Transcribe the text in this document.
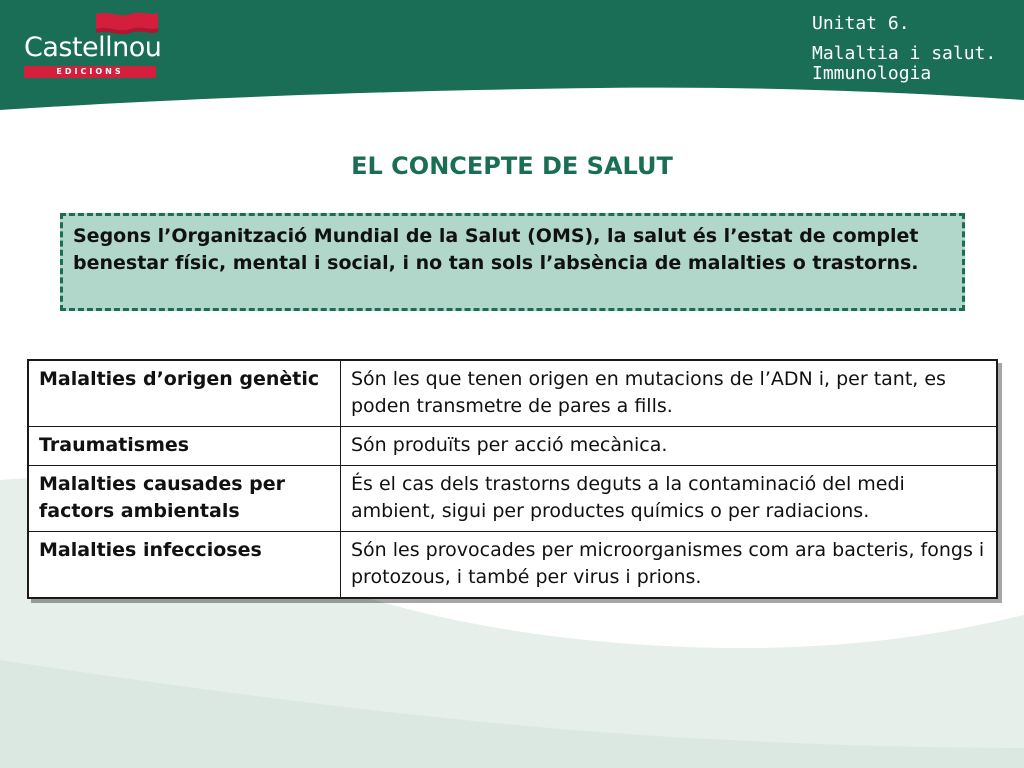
Castellnou
EDICIONS
Unitat 6.
Malaltia i salut.
Immunologia
EL CONCEPTE DE SALUT
Segons l’Organització Mundial de la Salut (OMS), la salut és l’estat de complet benestar físic, mental i social, i no tan sols l’absència de malalties o trastorns.
Malalties d’origen genètic	Són les que tenen origen en mutacions de l’ADN i, per tant, es poden transmetre de pares a fills.
Traumatismes	Són produïts per acció mecànica.
Malalties causades per factors ambientals	És el cas dels trastorns deguts a la contaminació del medi ambient, sigui per productes químics o per radiacions.
Malalties infeccioses	Són les provocades per microorganismes com ara bacteris, fongs i protozous, i també per virus i prions.
